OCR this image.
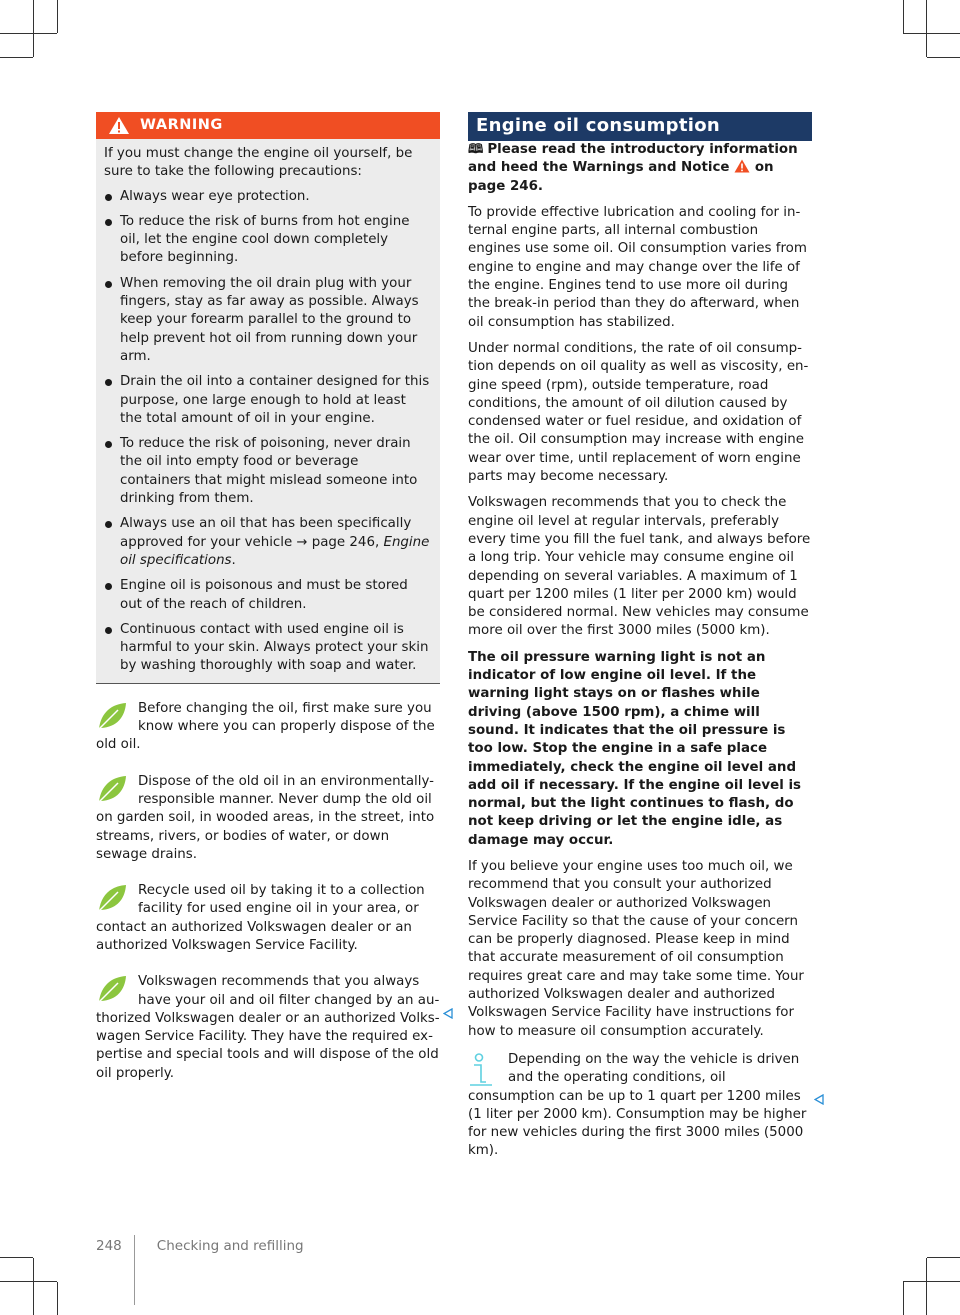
WARNING

If you must change the engine oil yourself, be sure to take the following precautions:

Always wear eye protection.
To reduce the risk of burns from hot engine oil, let the engine cool down completely before beginning.
When removing the oil drain plug with your fingers, stay as far away as possible. Always keep your forearm parallel to the ground to help prevent hot oil from running down your arm.
Drain the oil into a container designed for this purpose, one large enough to hold at least the total amount of oil in your engine.
To reduce the risk of poisoning, never drain the oil into empty food or beverage containers that might mislead someone into drinking from them.
Always use an oil that has been specifically approved for your vehicle → page 246, Engine oil specifications.
Engine oil is poisonous and must be stored out of the reach of children.
Continuous contact with used engine oil is harmful to your skin. Always protect your skin by washing thoroughly with soap and water.

Before changing the oil, first make sure you know where you can properly dispose of the old oil.

Dispose of the old oil in an environmentally-responsible manner. Never dump the old oil on garden soil, in wooded areas, in the street, into streams, rivers, or bodies of water, or down sewage drains.

Recycle used oil by taking it to a collection facility for used engine oil in your area, or contact an authorized Volkswagen dealer or an authorized Volkswagen Service Facility.

Volkswagen recommends that you always have your oil and oil filter changed by an authorized Volkswagen dealer or an authorized Volkswagen Service Facility. They have the required expertise and special tools and will dispose of the old oil properly.

Engine oil consumption

🕮 Please read the introductory information and heed the Warnings and Notice on page 246.

To provide effective lubrication and cooling for internal engine parts, all internal combustion engines use some oil. Oil consumption varies from engine to engine and may change over the life of the engine. Engines tend to use more oil during the break-in period than they do afterward, when oil consumption has stabilized.

Under normal conditions, the rate of oil consumption depends on oil quality as well as viscosity, engine speed (rpm), outside temperature, road conditions, the amount of oil dilution caused by condensed water or fuel residue, and oxidation of the oil. Oil consumption may increase with engine wear over time, until replacement of worn engine parts may become necessary.

Volkswagen recommends that you to check the engine oil level at regular intervals, preferably every time you fill the fuel tank, and always before a long trip. Your vehicle may consume engine oil depending on several variables. A maximum of 1 quart per 1200 miles (1 liter per 2000 km) would be considered normal. New vehicles may consume more oil over the first 3000 miles (5000 km).

The oil pressure warning light is not an indicator of low engine oil level. If the warning light stays on or flashes while driving (above 1500 rpm), a chime will sound. It indicates that the oil pressure is too low. Stop the engine in a safe place immediately, check the engine oil level and add oil if necessary. If the engine oil level is normal, but the light continues to flash, do not keep driving or let the engine idle, as damage may occur.

If you believe your engine uses too much oil, we recommend that you consult your authorized Volkswagen dealer or authorized Volkswagen Service Facility so that the cause of your concern can be properly diagnosed. Please keep in mind that accurate measurement of oil consumption requires great care and may take some time. Your authorized Volkswagen dealer and authorized Volkswagen Service Facility have instructions for how to measure oil consumption accurately.

Depending on the way the vehicle is driven and the operating conditions, oil consumption can be up to 1 quart per 1200 miles (1 liter per 2000 km). Consumption may be higher for new vehicles during the first 3000 miles (5000 km).

248	Checking and refilling
